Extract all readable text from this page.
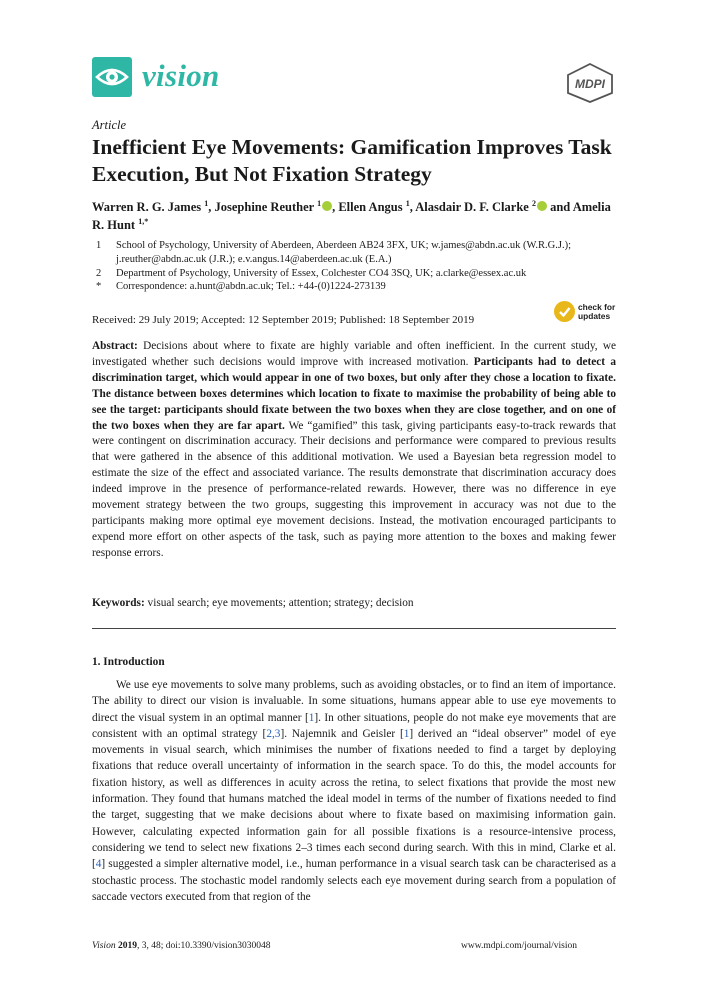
vision	MDPI
Article
Inefficient Eye Movements: Gamification Improves Task Execution, But Not Fixation Strategy
Warren R. G. James $^1$, Josephine Reuther $^1$ , Ellen Angus $^1$, Alasdair D. F. Clarke $^2$ and Amelia R. Hunt $^{1,*}$
1	School of Psychology, University of Aberdeen, Aberdeen AB24 3FX, UK; w.james@abdn.ac.uk (W.R.G.J.);
j.reuther@abdn.ac.uk (J.R.); e.v.angus.14@aberdeen.ac.uk (E.A.)
2	Department of Psychology, University of Essex, Colchester CO4 3SQ, UK; a.clarke@essex.ac.uk
*	Correspondence: a.hunt@abdn.ac.uk; Tel.: +44-(0)1224-273139
check for
updates
Received: 29 July 2019; Accepted: 12 September 2019; Published: 18 September 2019
Abstract: Decisions about where to fixate are highly variable and often inefficient. In the current study, we investigated whether such decisions would improve with increased motivation. Participants had to detect a discrimination target, which would appear in one of two boxes, but only after they chose a location to fixate. The distance between boxes determines which location to fixate to maximise the probability of being able to see the target: participants should fixate between the two boxes when they are close together, and on one of the two boxes when they are far apart. We “gamified” this task, giving participants easy-to-track rewards that were contingent on discrimination accuracy. Their decisions and performance were compared to previous results that were gathered in the absence of this additional motivation. We used a Bayesian beta regression model to estimate the size of the effect and associated variance. The results demonstrate that discrimination accuracy does indeed improve in the presence of performance-related rewards. However, there was no difference in eye movement strategy between the two groups, suggesting this improvement in accuracy was not due to the participants making more optimal eye movement decisions. Instead, the motivation encouraged participants to expend more effort on other aspects of the task, such as paying more attention to the boxes and making fewer response errors.
Keywords: visual search; eye movements; attention; strategy; decision
1. Introduction
We use eye movements to solve many problems, such as avoiding obstacles, or to find an item of importance. The ability to direct our vision is invaluable. In some situations, humans appear able to use eye movements to direct the visual system in an optimal manner [1]. In other situations, people do not make eye movements that are consistent with an optimal strategy [2,3]. Najemnik and Geisler [1] derived an “ideal observer” model of eye movements in visual search, which minimises the number of fixations needed to find a target by deploying fixations that reduce overall uncertainty of information in the search space. To do this, the model accounts for fixation history, as well as differences in acuity across the retina, to select fixations that provide the most new information. They found that humans matched the ideal model in terms of the number of fixations needed to find the target, suggesting that we make decisions about where to fixate based on maximising information gain. However, calculating expected information gain for all possible fixations is a resource-intensive process, considering we tend to select new fixations 2–3 times each second during search. With this in mind, Clarke et al. [4] suggested a simpler alternative model, i.e., human performance in a visual search task can be characterised as a stochastic process. The stochastic model randomly selects each eye movement during search from a population of saccade vectors executed from that region of the
Vision 2019, 3, 48; doi:10.3390/vision3030048	www.mdpi.com/journal/vision
